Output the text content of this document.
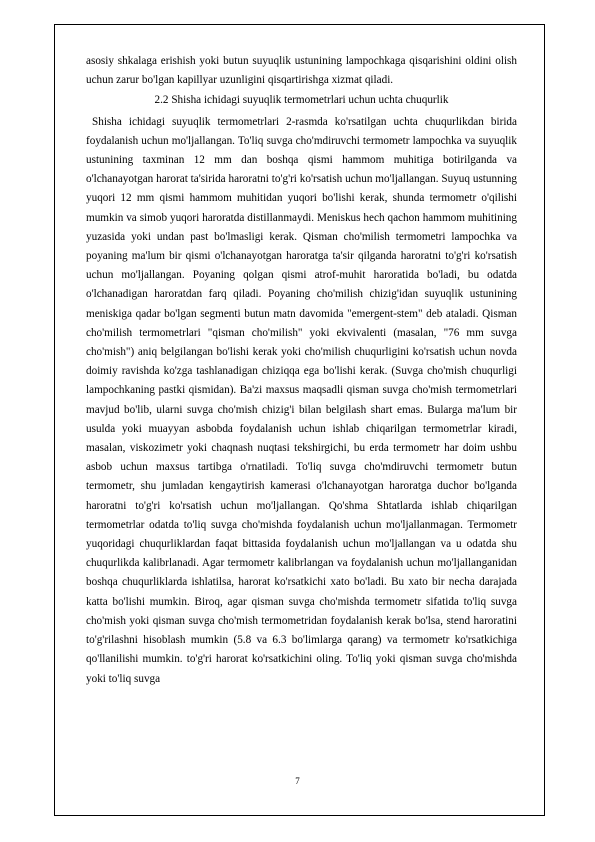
asosiy shkalaga erishish yoki butun suyuqlik ustunining lampochkaga qisqarishini oldini olish uchun zarur bo'lgan kapillyar uzunligini qisqartirishga xizmat qiladi.

2.2 Shisha ichidagi suyuqlik termometrlari uchun uchta chuqurlik

Shisha ichidagi suyuqlik termometrlari 2-rasmda ko'rsatilgan uchta chuqurlikdan birida foydalanish uchun mo'ljallangan. To'liq suvga cho'mdiruvchi termometr lampochka va suyuqlik ustunining taxminan 12 mm dan boshqa qismi hammom muhitiga botirilganda va o'lchanayotgan harorat ta'sirida haroratni to'g'ri ko'rsatish uchun mo'ljallangan. Suyuq ustunning yuqori 12 mm qismi hammom muhitidan yuqori bo'lishi kerak, shunda termometr o'qilishi mumkin va simob yuqori haroratda distillanmaydi. Meniskus hech qachon hammom muhitining yuzasida yoki undan past bo'lmasligi kerak. Qisman cho'milish termometri lampochka va poyaning ma'lum bir qismi o'lchanayotgan haroratga ta'sir qilganda haroratni to'g'ri ko'rsatish uchun mo'ljallangan. Poyaning qolgan qismi atrof-muhit haroratida bo'ladi, bu odatda o'lchanadigan haroratdan farq qiladi. Poyaning cho'milish chizig'idan suyuqlik ustunining meniskiga qadar bo'lgan segmenti butun matn davomida "emergent-stem" deb ataladi. Qisman cho'milish termometrlari "qisman cho'milish" yoki ekvivalenti (masalan, "76 mm suvga cho'mish") aniq belgilangan bo'lishi kerak yoki cho'milish chuqurligini ko'rsatish uchun novda doimiy ravishda ko'zga tashlanadigan chiziqqa ega bo'lishi kerak. (Suvga cho'mish chuqurligi lampochkaning pastki qismidan). Ba'zi maxsus maqsadli qisman suvga cho'mish termometrlari mavjud bo'lib, ularni suvga cho'mish chizig'i bilan belgilash shart emas. Bularga ma'lum bir usulda yoki muayyan asbobda foydalanish uchun ishlab chiqarilgan termometrlar kiradi, masalan, viskozimetr yoki chaqnash nuqtasi tekshirgichi, bu erda termometr har doim ushbu asbob uchun maxsus tartibga o'rnatiladi. To'liq suvga cho'mdiruvchi termometr butun termometr, shu jumladan kengaytirish kamerasi o'lchanayotgan haroratga duchor bo'lganda haroratni to'g'ri ko'rsatish uchun mo'ljallangan. Qo'shma Shtatlarda ishlab chiqarilgan termometrlar odatda to'liq suvga cho'mishda foydalanish uchun mo'ljallanmagan. Termometr yuqoridagi chuqurliklardan faqat bittasida foydalanish uchun mo'ljallangan va u odatda shu chuqurlikda kalibrlanadi. Agar termometr kalibrlangan va foydalanish uchun mo'ljallanganidan boshqa chuqurliklarda ishlatilsa, harorat ko'rsatkichi xato bo'ladi. Bu xato bir necha darajada katta bo'lishi mumkin. Biroq, agar qisman suvga cho'mishda termometr sifatida to'liq suvga cho'mish yoki qisman suvga cho'mish termometridan foydalanish kerak bo'lsa, stend haroratini to'g'rilashni hisoblash mumkin (5.8 va 6.3 bo'limlarga qarang) va termometr ko'rsatkichiga qo'llanilishi mumkin. to'g'ri harorat ko'rsatkichini oling. To'liq yoki qisman suvga cho'mishda yoki to'liq suvga

7
